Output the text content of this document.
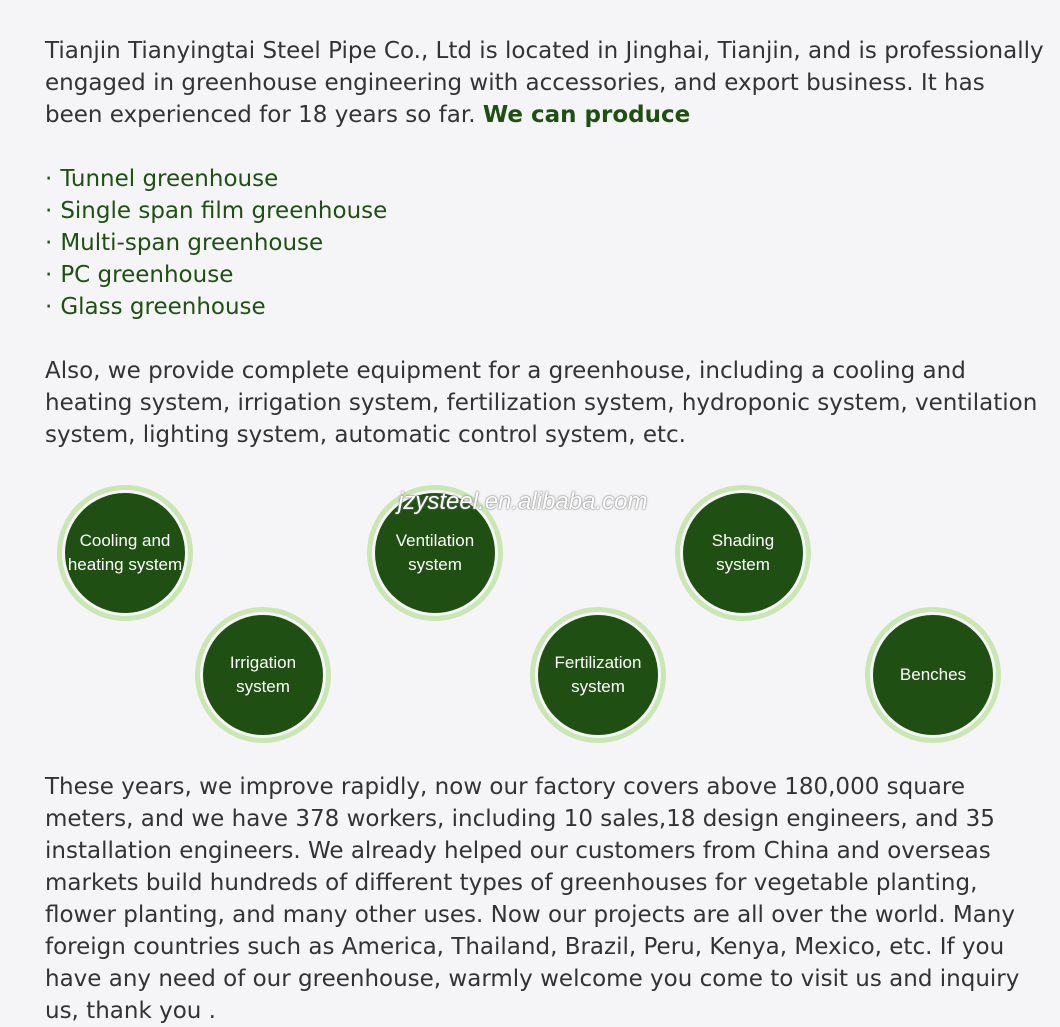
Tianjin Tianyingtai Steel Pipe Co., Ltd is located in Jinghai, Tianjin, and is professionally engaged in greenhouse engineering with accessories, and export business. It has been experienced for 18 years so far. We can produce

· Tunnel greenhouse
· Single span film greenhouse
· Multi-span greenhouse
· PC greenhouse
· Glass greenhouse

Also, we provide complete equipment for a greenhouse, including a cooling and heating system, irrigation system, fertilization system, hydroponic system, ventilation system, lighting system, automatic control system, etc.

Cooling and
heating system
Ventilation
system
Shading
system
Irrigation
system
Fertilization
system
Benches
jzysteel.en.alibaba.com

These years, we improve rapidly, now our factory covers above 180,000 square meters, and we have 378 workers, including 10 sales,18 design engineers, and 35 installation engineers. We already helped our customers from China and overseas markets build hundreds of different types of greenhouses for vegetable planting, flower planting, and many other uses. Now our projects are all over the world. Many foreign countries such as America, Thailand, Brazil, Peru, Kenya, Mexico, etc. If you have any need of our greenhouse, warmly welcome you come to visit us and inquiry us, thank you .
